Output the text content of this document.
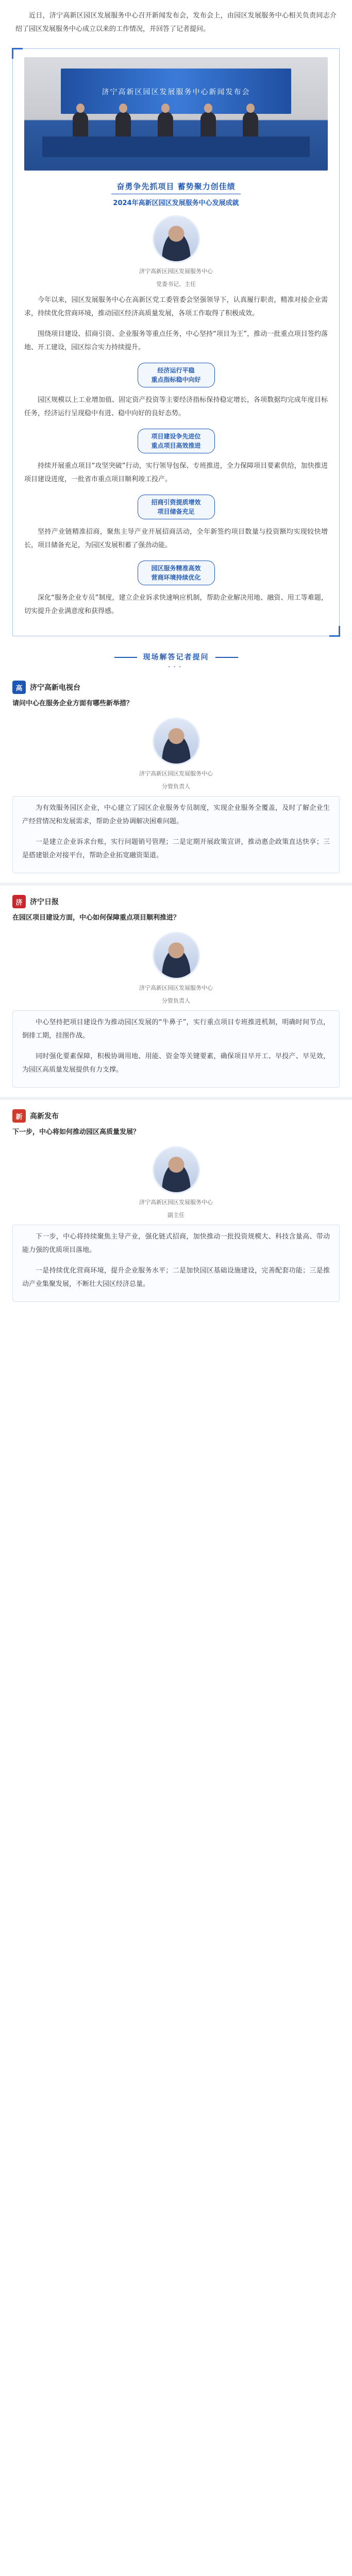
近日，济宁高新区园区发展服务中心召开新闻发布会，发布会上，由园区发展服务中心相关负责同志介绍了园区发展服务中心成立以来的工作情况，并回答了记者提问。

济宁高新区园区发展服务中心新闻发布会
奋勇争先抓项目 蓄势聚力创佳绩
2024年高新区园区发展服务中心发展成就
济宁高新区园区发展服务中心
党委书记、主任

今年以来，园区发展服务中心在高新区党工委管委会坚强领导下，认真履行职责，精准对接企业需求，持续优化营商环境，推动园区经济高质量发展，各项工作取得了积极成效。

围绕项目建设、招商引资、企业服务等重点任务，中心坚持“项目为王”，推动一批重点项目签约落地、开工建设，园区综合实力持续提升。

经济运行平稳
重点指标稳中向好

园区规模以上工业增加值、固定资产投资等主要经济指标保持稳定增长，各项数据均完成年度目标任务，经济运行呈现稳中有进、稳中向好的良好态势。

项目建设争先进位
重点项目高效推进

持续开展重点项目“攻坚突破”行动，实行领导包保、专班推进，全力保障项目要素供给，加快推进项目建设进度，一批省市重点项目顺利竣工投产。

招商引资提质增效
项目储备充足

坚持产业链精准招商，聚焦主导产业开展招商活动，全年新签约项目数量与投资额均实现较快增长，项目储备充足，为园区发展积蓄了强劲动能。

园区服务精准高效
营商环境持续优化

深化“服务企业专员”制度，建立企业诉求快速响应机制，帮助企业解决用地、融资、用工等难题，切实提升企业满意度和获得感。

现场解答记者提问
···
高	济宁高新电视台
请问中心在服务企业方面有哪些新举措？
济宁高新区园区发展服务中心
分管负责人

为有效服务园区企业，中心建立了园区企业服务专员制度，实现企业服务全覆盖，及时了解企业生产经营情况和发展需求，帮助企业协调解决困难问题。

一是建立企业诉求台账，实行问题销号管理；二是定期开展政策宣讲，推动惠企政策直达快享；三是搭建银企对接平台，帮助企业拓宽融资渠道。

济	济宁日报
在园区项目建设方面，中心如何保障重点项目顺利推进？
济宁高新区园区发展服务中心
分管负责人

中心坚持把项目建设作为推动园区发展的“牛鼻子”，实行重点项目专班推进机制，明确时间节点，倒排工期，挂图作战。

同时强化要素保障，积极协调用地、用能、资金等关键要素，确保项目早开工、早投产、早见效，为园区高质量发展提供有力支撑。

新	高新发布
下一步，中心将如何推动园区高质量发展？
济宁高新区园区发展服务中心
副主任

下一步，中心将持续聚焦主导产业，强化链式招商，加快推动一批投资规模大、科技含量高、带动能力强的优质项目落地。

一是持续优化营商环境，提升企业服务水平；二是加快园区基础设施建设，完善配套功能；三是推动产业集聚发展，不断壮大园区经济总量。
